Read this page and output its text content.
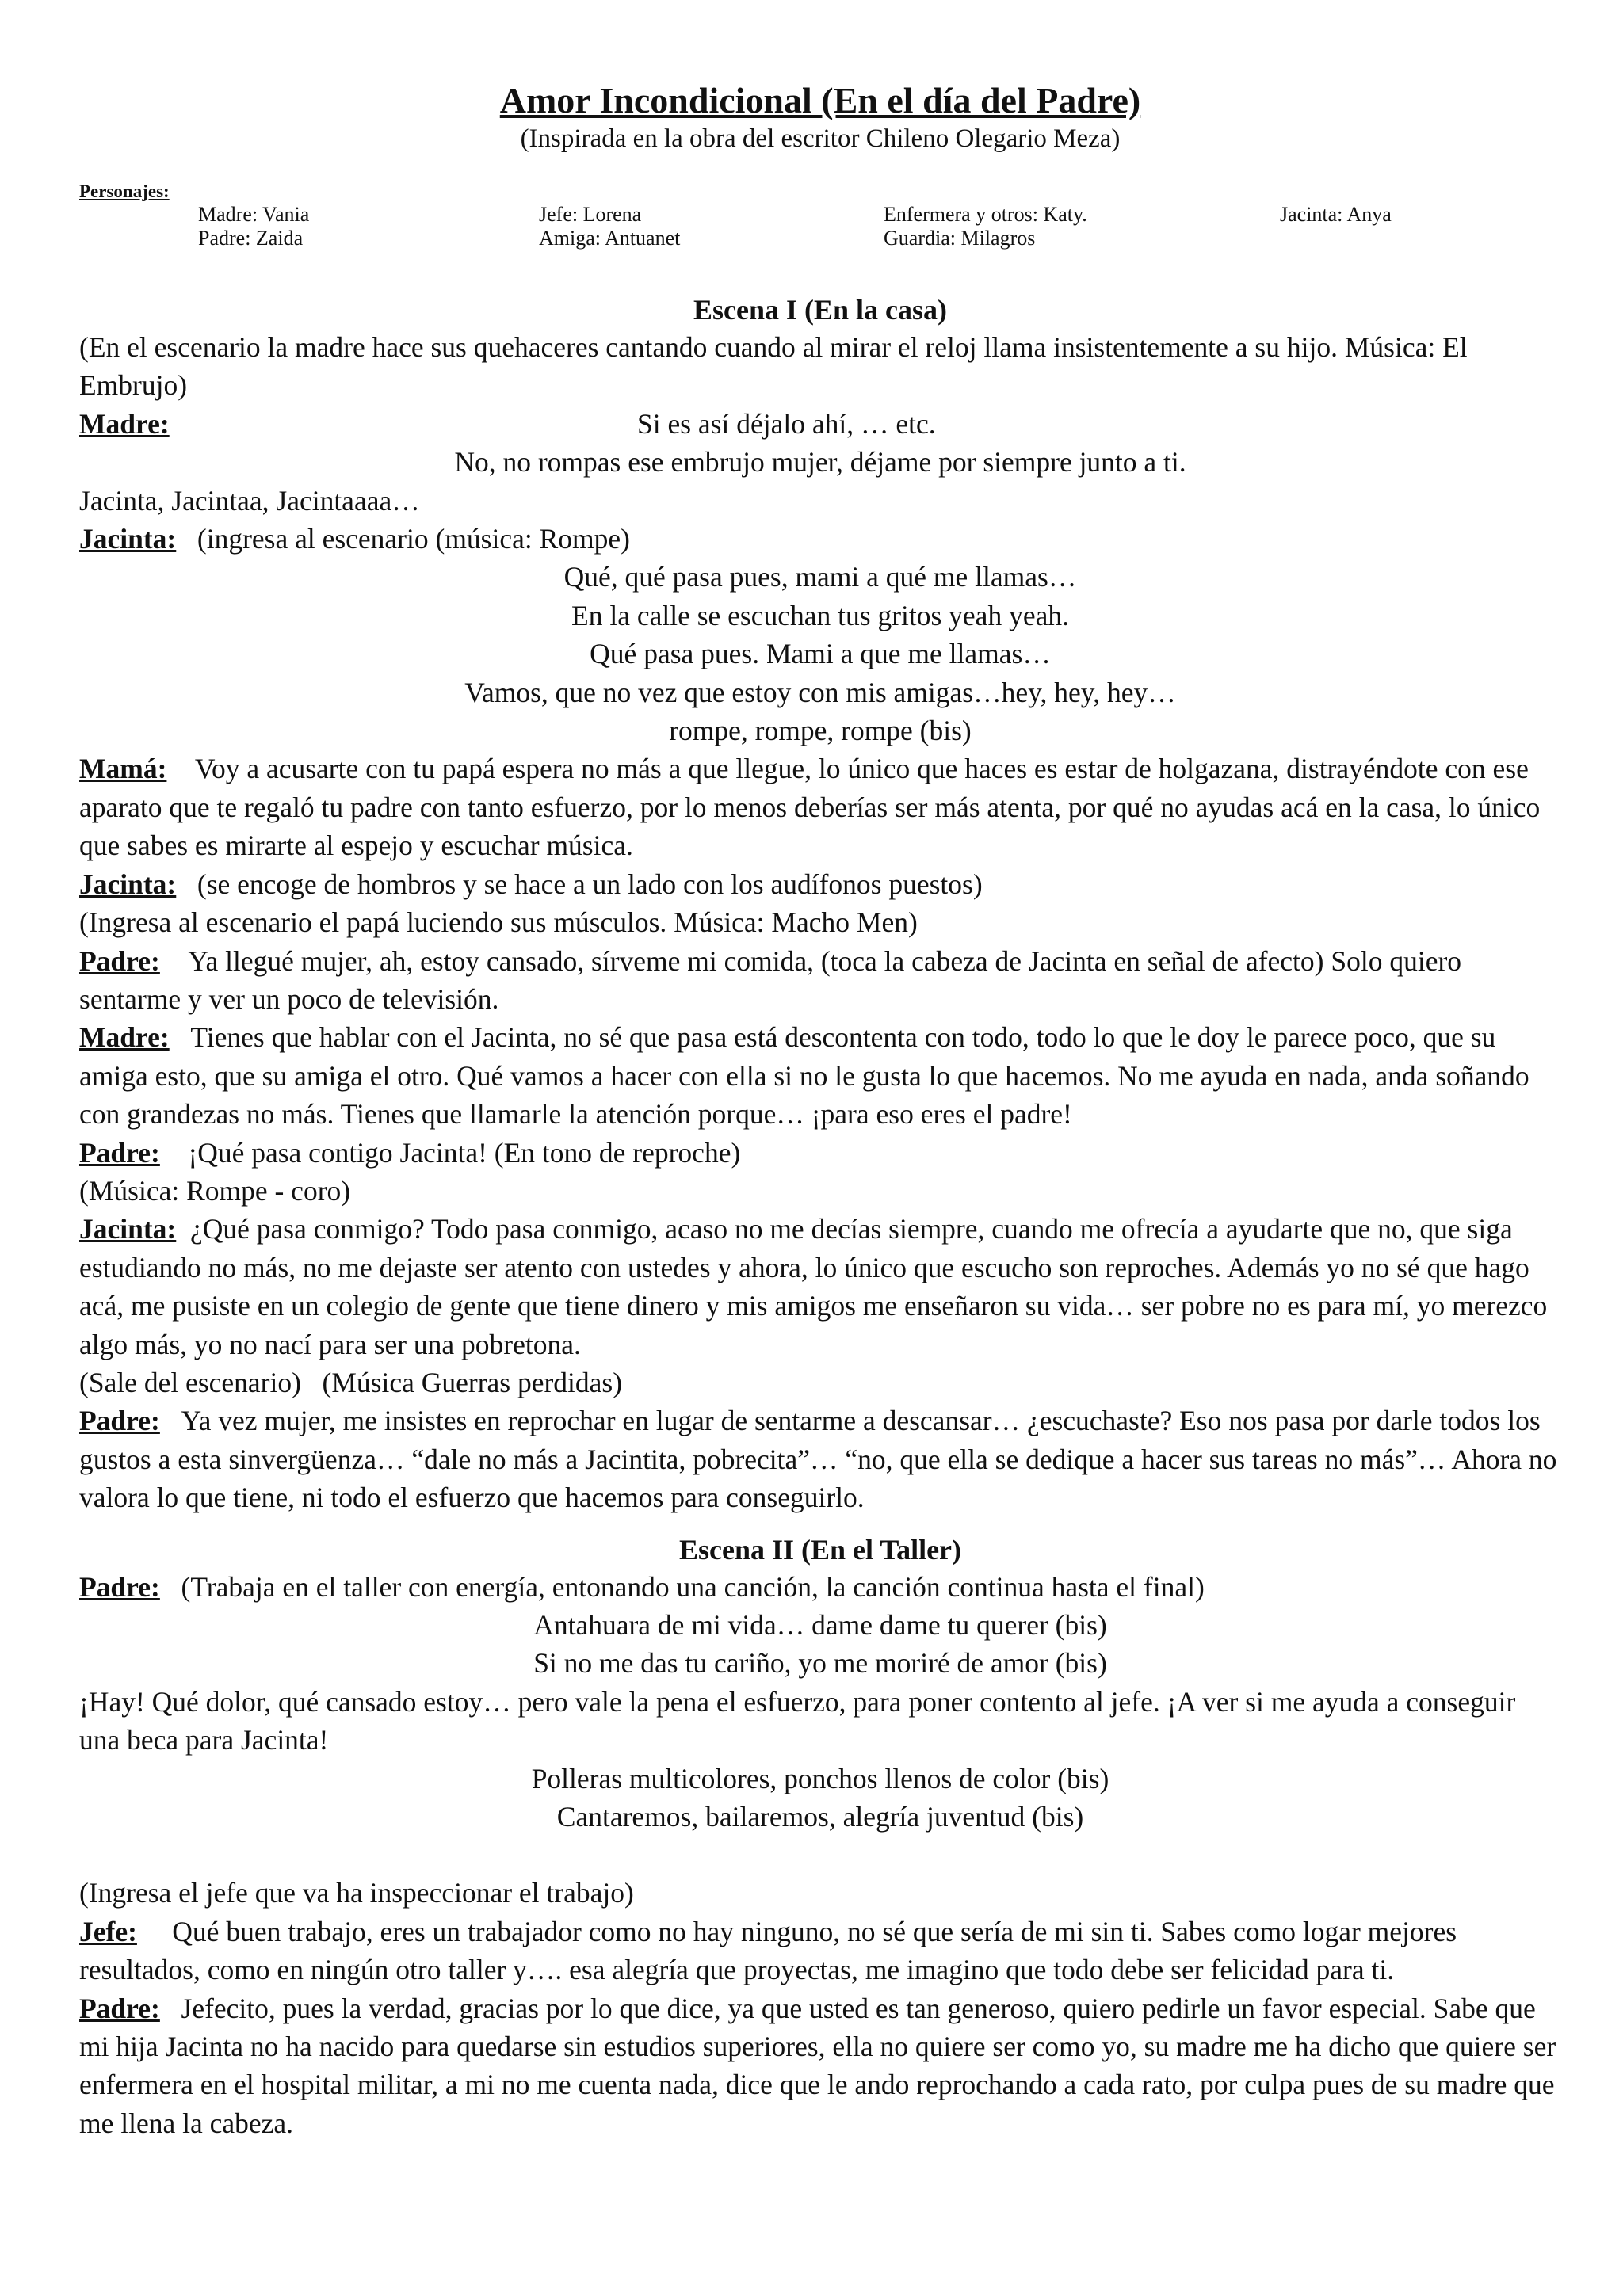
Amor Incondicional (En el día del Padre)

(Inspirada en la obra del escritor Chileno Olegario Meza)

Personajes:
Madre: Vania	Jefe: Lorena	Enfermera y otros: Katy.	Jacinta: Anya
Padre: Zaida	Amiga: Antuanet	Guardia: Milagros
Escena I (En la casa)

(En el escenario la madre hace sus quehaceres cantando cuando al mirar el reloj llama insistentemente a su hijo. Música: El Embrujo)

Madre:	Si es así déjalo ahí, … etc.

No, no rompas ese embrujo mujer, déjame por siempre junto a ti.

Jacinta, Jacintaa, Jacintaaaa…

Jacinta: (ingresa al escenario (música: Rompe)

Qué, qué pasa pues, mami a qué me llamas…

En la calle se escuchan tus gritos yeah yeah.

Qué pasa pues. Mami a que me llamas…

Vamos, que no vez que estoy con mis amigas…hey, hey, hey…

rompe, rompe, rompe (bis)

Mamá: Voy a acusarte con tu papá espera no más a que llegue, lo único que haces es estar de holgazana, distrayéndote con ese aparato que te regaló tu padre con tanto esfuerzo, por lo menos deberías ser más atenta, por qué no ayudas acá en la casa, lo único que sabes es mirarte al espejo y escuchar música.

Jacinta: (se encoge de hombros y se hace a un lado con los audífonos puestos)

(Ingresa al escenario el papá luciendo sus músculos. Música: Macho Men)

Padre: Ya llegué mujer, ah, estoy cansado, sírveme mi comida, (toca la cabeza de Jacinta en señal de afecto) Solo quiero sentarme y ver un poco de televisión.

Madre: Tienes que hablar con el Jacinta, no sé que pasa está descontenta con todo, todo lo que le doy le parece poco, que su amiga esto, que su amiga el otro. Qué vamos a hacer con ella si no le gusta lo que hacemos. No me ayuda en nada, anda soñando con grandezas no más. Tienes que llamarle la atención porque… ¡para eso eres el padre!

Padre: ¡Qué pasa contigo Jacinta! (En tono de reproche)

(Música: Rompe - coro)

Jacinta: ¿Qué pasa conmigo? Todo pasa conmigo, acaso no me decías siempre, cuando me ofrecía a ayudarte que no, que siga estudiando no más, no me dejaste ser atento con ustedes y ahora, lo único que escucho son reproches. Además yo no sé que hago acá, me pusiste en un colegio de gente que tiene dinero y mis amigos me enseñaron su vida… ser pobre no es para mí, yo merezco algo más, yo no nací para ser una pobretona.

(Sale del escenario)   (Música Guerras perdidas)

Padre: Ya vez mujer, me insistes en reprochar en lugar de sentarme a descansar… ¿escuchaste? Eso nos pasa por darle todos los gustos a esta sinvergüenza… “dale no más a Jacintita, pobrecita”… “no, que ella se dedique a hacer sus tareas no más”… Ahora no valora lo que tiene, ni todo el esfuerzo que hacemos para conseguirlo.

Escena II (En el Taller)

Padre: (Trabaja en el taller con energía, entonando una canción, la canción continua hasta el final)

Antahuara de mi vida… dame dame tu querer (bis)

Si no me das tu cariño, yo me moriré de amor (bis)

¡Hay! Qué dolor, qué cansado estoy… pero vale la pena el esfuerzo, para poner contento al jefe. ¡A ver si me ayuda a conseguir una beca para Jacinta!

Polleras multicolores, ponchos llenos de color (bis)

Cantaremos, bailaremos, alegría juventud (bis)

(Ingresa el jefe que va ha inspeccionar el trabajo)

Jefe: Qué buen trabajo, eres un trabajador como no hay ninguno, no sé que sería de mi sin ti. Sabes como logar mejores resultados, como en ningún otro taller y…. esa alegría que proyectas, me imagino que todo debe ser felicidad para ti.

Padre: Jefecito, pues la verdad, gracias por lo que dice, ya que usted es tan generoso, quiero pedirle un favor especial. Sabe que mi hija Jacinta no ha nacido para quedarse sin estudios superiores, ella no quiere ser como yo, su madre me ha dicho que quiere ser enfermera en el hospital militar, a mi no me cuenta nada, dice que le ando reprochando a cada rato, por culpa pues de su madre que me llena la cabeza.
